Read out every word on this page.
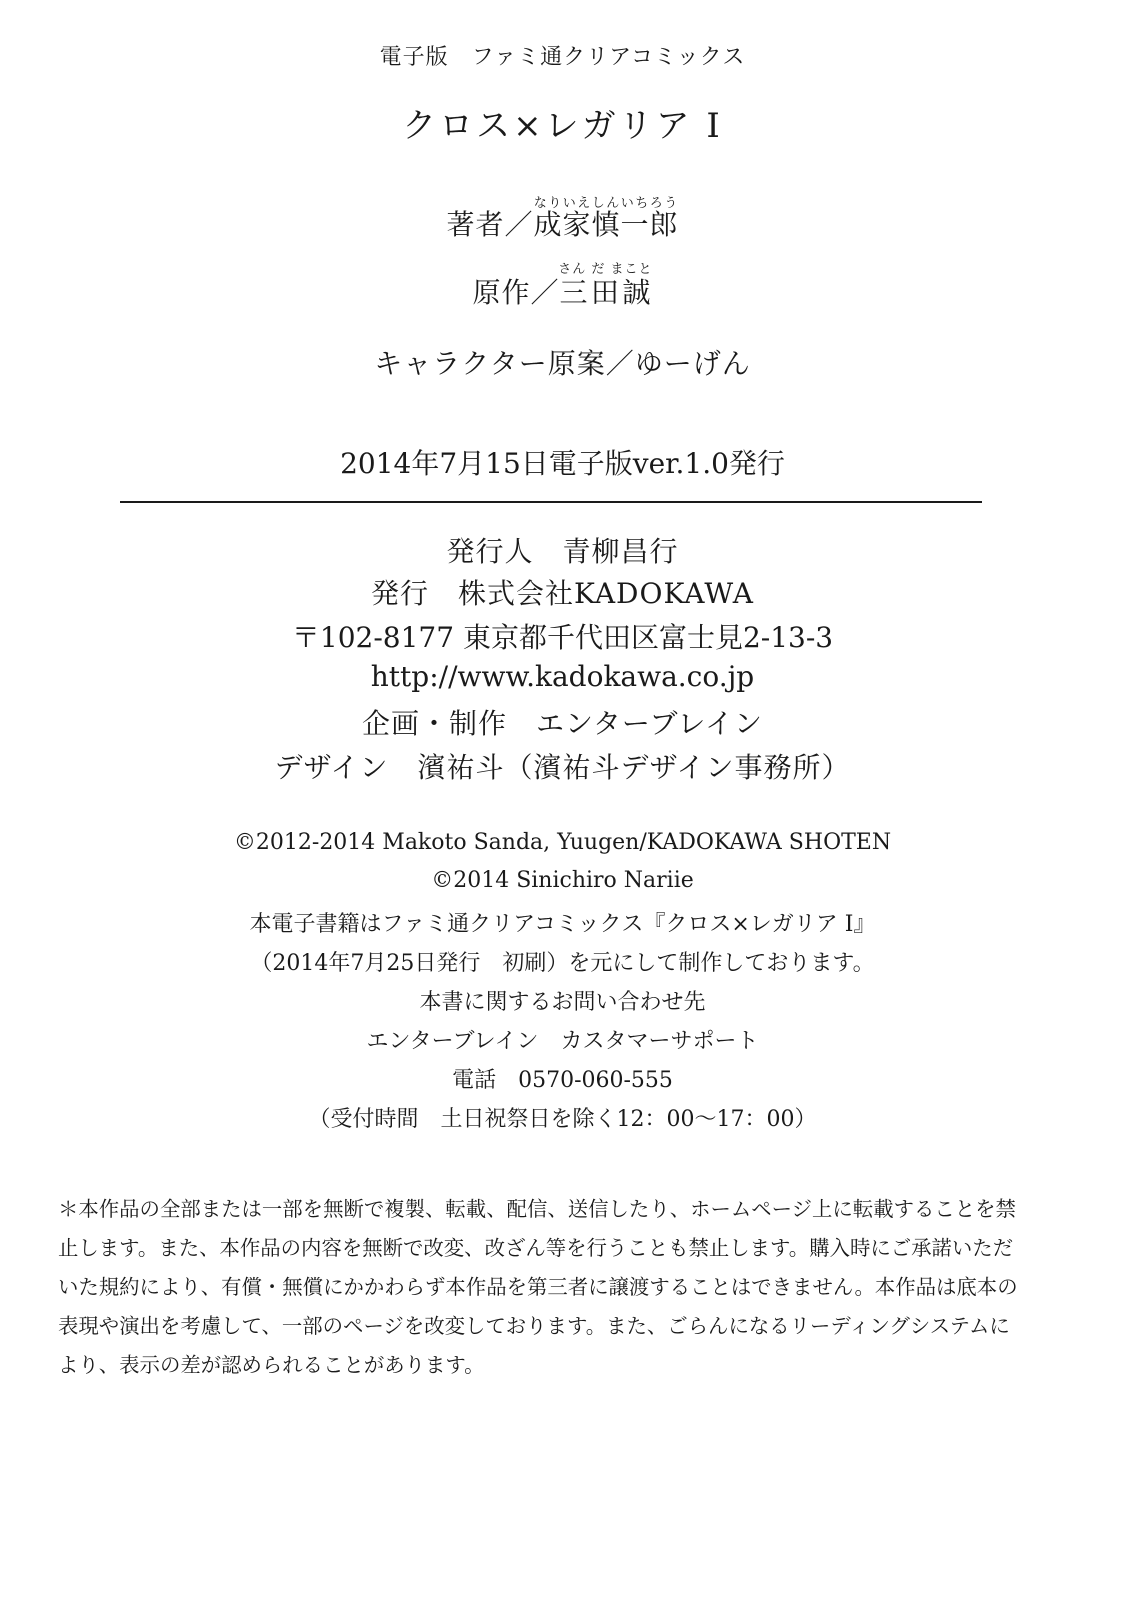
電子版　ファミ通クリアコミックス
クロス×レガリア Ⅰ
著者／成家慎一郎なりいえしんいちろう
原作／三田誠さん だ まこと
キャラクター原案／ゆーげん
2014年7月15日電子版ver.1.0発行
発行人　青柳昌行
発行　株式会社KADOKAWA
〒102-8177 東京都千代田区富士見2-13-3
http://www.kadokawa.co.jp
企画・制作　エンターブレイン
デザイン　濱祐斗（濱祐斗デザイン事務所）
©2012-2014 Makoto Sanda, Yuugen/KADOKAWA SHOTEN
©2014 Sinichiro Nariie
本電子書籍はファミ通クリアコミックス『クロス×レガリア Ⅰ』
（2014年7月25日発行　初刷）を元にして制作しております。
本書に関するお問い合わせ先
エンターブレイン　カスタマーサポート
電話　0570-060-555
（受付時間　土日祝祭日を除く12：00〜17：00）
＊本作品の全部または一部を無断で複製、転載、配信、送信したり、ホームページ上に転載することを禁
止します。また、本作品の内容を無断で改変、改ざん等を行うことも禁止します。購入時にご承諾いただ
いた規約により、有償・無償にかかわらず本作品を第三者に譲渡することはできません。本作品は底本の
表現や演出を考慮して、一部のページを改変しております。また、ごらんになるリーディングシステムに
より、表示の差が認められることがあります。
